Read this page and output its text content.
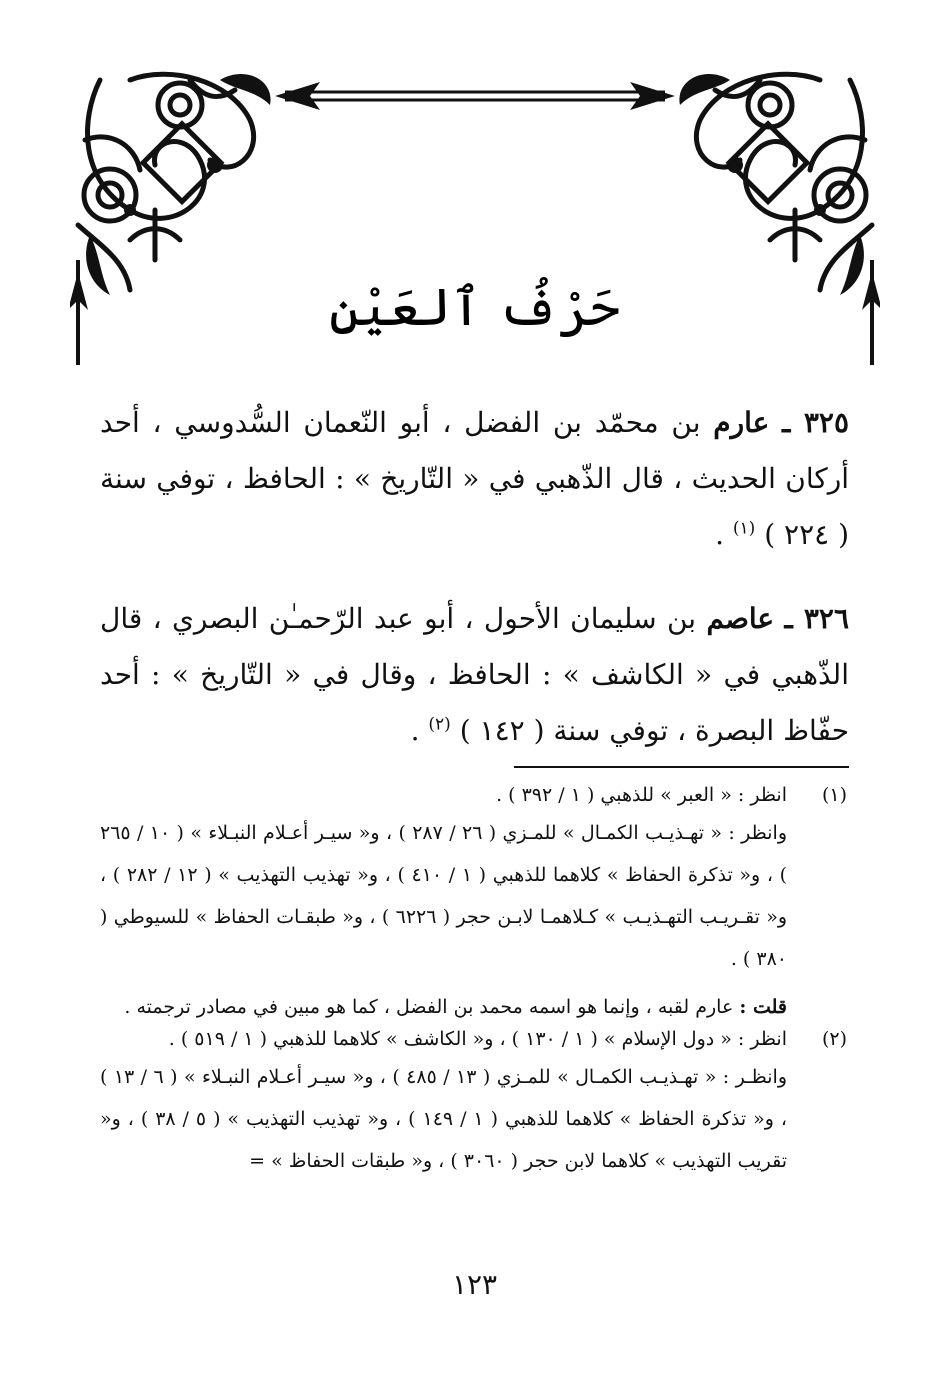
حَرْفُ ٱلعَيْنِ

٣٢٥ ـ عارم بن محمّد بن الفضل ، أبو النّعمان السُّدوسي ، أحد أركان الحديث ، قال الذّهبي في « التّاريخ » : الحافظ ، توفي سنة ( ٢٢٤ ) $^{(١)}$ .

٣٢٦ ـ عاصم بن سليمان الأحول ، أبو عبد الرّحمـٰن البصري ، قال الذّهبي في « الكاشف » : الحافظ ، وقال في « التّاريخ » : أحد حفّاظ البصرة ، توفي سنة ( ١٤٢ ) $^{(٢)}$ .

(١)
انظر : « العبر » للذهبي ( ١ / ٣٩٢ ) .
وانظر : « تهـذيـب الكمـال » للمـزي ( ٢٦ / ٢٨٧ ) ، و« سيـر أعـلام النبـلاء » ( ١٠ / ٢٦٥ ) ، و« تذكرة الحفاظ » كلاهما للذهبي ( ١ / ٤١٠ ) ، و« تهذيب التهذيب » ( ١٢ / ٢٨٢ ) ، و« تقـريـب التهـذيـب » كـلاهمـا لابـن حجر ( ٦٢٢٦ ) ، و« طبقـات الحفاظ » للسيوطي ( ٣٨٠ ) .
قلت : عارم لقبه ، وإنما هو اسمه محمد بن الفضل ، كما هو مبين في مصادر ترجمته .
(٢)
انظر : « دول الإسلام » ( ١ / ١٣٠ ) ، و« الكاشف » كلاهما للذهبي ( ١ / ٥١٩ ) .
وانظـر : « تهـذيـب الكمـال » للمـزي ( ١٣ / ٤٨٥ ) ، و« سيـر أعـلام النبـلاء » ( ٦ / ١٣ ) ، و« تذكرة الحفاظ » كلاهما للذهبي ( ١ / ١٤٩ ) ، و« تهذيب التهذيب » ( ٥ / ٣٨ ) ، و« تقريب التهذيب » كلاهما لابن حجر ( ٣٠٦٠ ) ، و« طبقات الحفاظ » =
١٢٣
